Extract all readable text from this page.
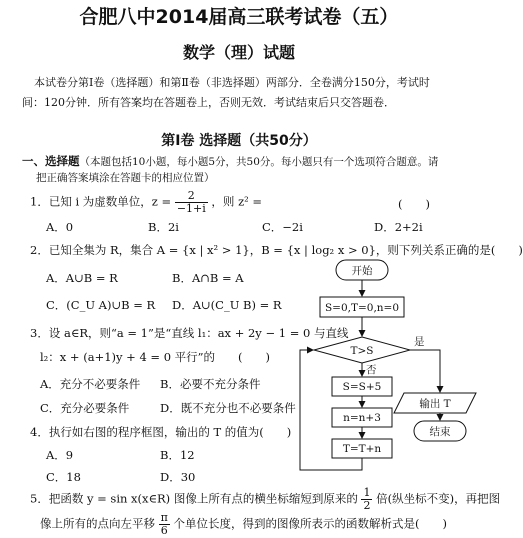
合肥八中2014届高三联考试卷（五）
数学（理）试题
本试卷分第Ⅰ卷（选择题）和第Ⅱ卷（非选择题）两部分．全卷满分150分，考试时
间：120分钟．所有答案均在答题卷上，否则无效．考试结束后只交答题卷．
第Ⅰ卷 选择题（共50分）
一、选择题（本题包括10小题，每小题5分，共50分。每小题只有一个选项符合题意。请
把正确答案填涂在答题卡的相应位置）
1．已知 i 为虚数单位，$z = \frac{2}{-1+i}$ ，则 z² =	(　　)
A．0	B．2i	C．−2i	D．2+2i
2．已知全集为 R，集合 A = {x | x² > 1}，B = {x | log₂ x > 0}，则下列关系正确的是(　　)
A．A∪B = R	B．A∩B = A
C．(C_U A)∪B = R D．A∪(C_U B) = R
3．设 a∈R，则“a = 1”是“直线 l₁：ax + 2y − 1 = 0 与直线
l₂：x + (a+1)y + 4 = 0 平行”的 (　　)
A．充分不必要条件 B．必要不充分条件
C．充分必要条件	D．既不充分也不必要条件
4．执行如右图的程序框图，输出的 T 的值为(　　)
A．9	B．12
C．18	D．30
5．把函数 y = sin x(x∈R) 图像上所有点的横坐标缩短到原来的 $\frac{1}{2}$ 倍(纵坐标不变)，再把图
像上所有的点向左平移 $\frac{\pi}{6}$ 个单位长度，得到的图像所表示的函数解析式是(　　)
开始
S=0,T=0,n=0
T>S
是
否
S=S+5
n=n+3
T=T+n
输出 T
结束
